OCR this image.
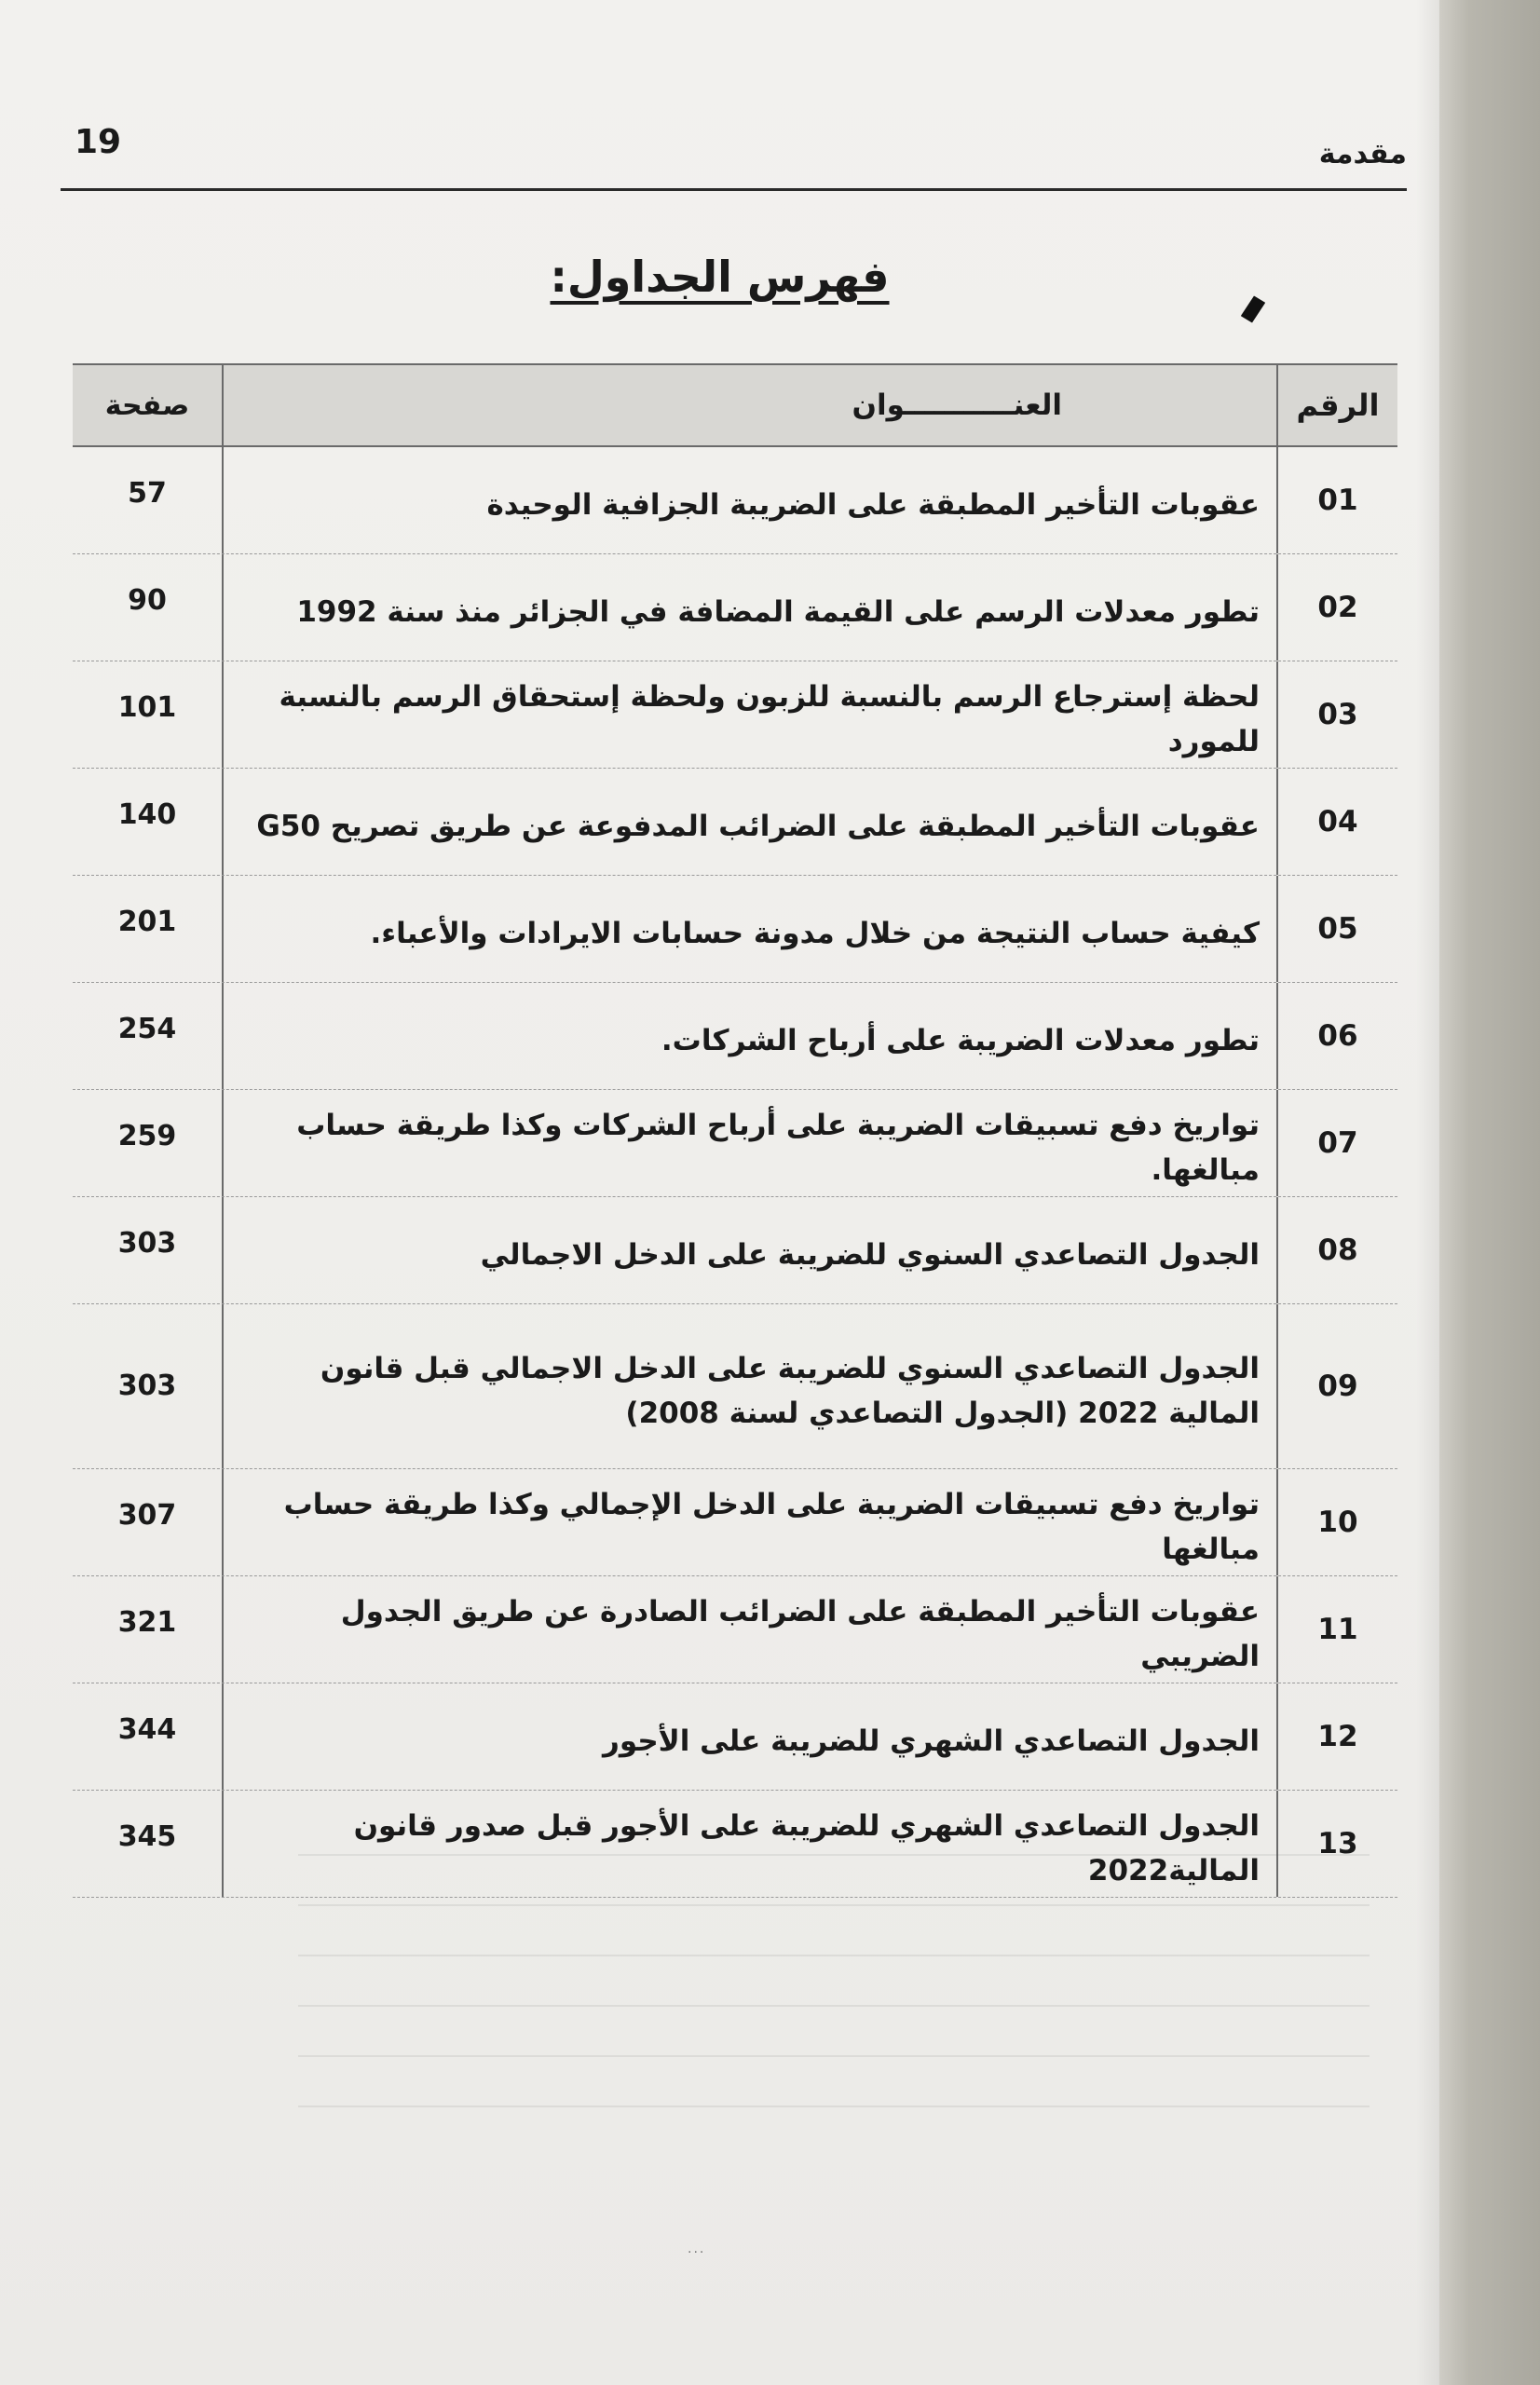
19	مقدمة
فهرس الجداول:
الرقم
العنـــــــــــوان
صفحة
01
عقوبات التأخير المطبقة على الضريبة الجزافية الوحيدة
57
02
تطور معدلات الرسم على القيمة المضافة في الجزائر منذ سنة 1992
90
03
لحظة إسترجاع الرسم بالنسبة للزبون ولحظة إستحقاق الرسم بالنسبة للمورد
101
04
عقوبات التأخير المطبقة على الضرائب المدفوعة عن طريق تصريح G50
140
05
كيفية حساب النتيجة من خلال مدونة حسابات الايرادات والأعباء.
201
06
تطور معدلات الضريبة على أرباح الشركات.
254
07
تواريخ دفع تسبيقات الضريبة على أرباح الشركات وكذا طريقة حساب مبالغها.
259
08
الجدول التصاعدي السنوي للضريبة على الدخل الاجمالي
303
09
الجدول التصاعدي السنوي للضريبة على الدخل الاجمالي قبل قانون المالية 2022 (الجدول التصاعدي لسنة 2008)
303
10
تواريخ دفع تسبيقات الضريبة على الدخل الإجمالي وكذا طريقة حساب مبالغها
307
11
عقوبات التأخير المطبقة على الضرائب الصادرة عن طريق الجدول الضريبي
321
12
الجدول التصاعدي الشهري للضريبة على الأجور
344
13
الجدول التصاعدي الشهري للضريبة على الأجور قبل صدور قانون المالية2022
345
···
